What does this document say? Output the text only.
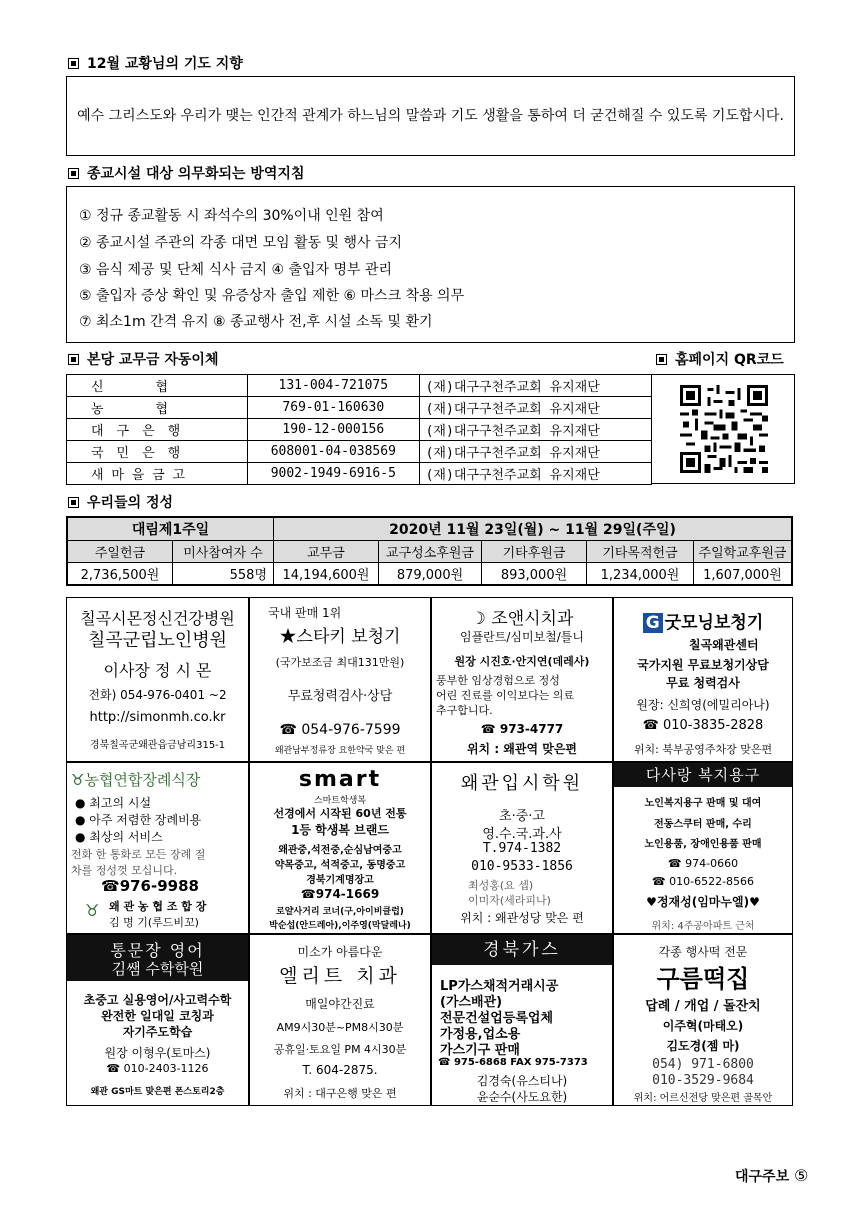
12월 교황님의 기도 지향
예수 그리스도와 우리가 맺는 인간적 관계가 하느님의 말씀과 기도 생활을 통하여 더 굳건해질 수 있도록 기도합시다.
종교시설 대상 의무화되는 방역지침
① 정규 종교활동 시 좌석수의 30%이내 인원 참여
② 종교시설 주관의 각종 대면 모임 활동 및 행사 금지
③ 음식 제공 및 단체 식사 금지 ④ 출입자 명부 관리
⑤ 출입자 증상 확인 및 유증상자 출입 제한 ⑥ 마스크 착용 의무
⑦ 최소1m 간격 유지 ⑧ 종교행사 전,후 시설 소독 및 환기
본당 교무금 자동이체	홈페이지 QR코드
신　　　　협	131-004-721075	(재)대구구천주교회 유지재단
농　　　　협	769-01-160630	(재)대구구천주교회 유지재단
대　구　은　행	190-12-000156	(재)대구구천주교회 유지재단
국　민　은　행	608001-04-038569	(재)대구구천주교회 유지재단
새 마 을 금 고	9002-1949-6916-5	(재)대구구천주교회 유지재단
우리들의 정성
대림제1주일		2020년 11월 23일(월) ~ 11월 29일(주일)				
주일헌금	미사참여자 수	교무금	교구성소후원금	기타후원금	기타목적헌금	주일학교후원금
2,736,500원	558명	14,194,600원	879,000원	893,000원	1,234,000원	1,607,000원
칠곡시몬정신건강병원
칠곡군립노인병원
이사장 정 시 몬
전화) 054-976-0401 ~2
http://simonmh.co.kr
경북칠곡군왜관읍금남리315-1
국내 판매 1위
★스타키 보청기
(국가보조금 최대131만원)
무료청력검사·상담
☎ 054-976-7599
왜관남부정류장 요한약국 맞은 편
☽ 조앤시치과
임플란트/심미보철/틀니
원장 시진호·안지연(데레사)
풍부한 임상경험으로 정성
어린 진료를 이익보다는 의료
추구합니다.
☎ 973-4777
위치 : 왜관역 맞은편
G 굿모닝보청기
칠곡왜관센터
국가지원 무료보청기상담
무료 청력검사
원장: 신희영(에밀리아나)
☎ 010-3835-2828
위치: 북부공영주차장 맞은편
♉농협연합장례식장
● 최고의 시설
● 아주 저렴한 장례비용
● 최상의 서비스
전화 한 통화로 모든 장례 절
차를 정성껏 모십니다.
☎976-9988
♉ 왜 관 농 협 조 합 장
김 명 기(루드비꼬)
smart
스마트학생복
선경에서 시작된 60년 전통
1등 학생복 브랜드
왜관중,석전중,순심남여중고
약목중고, 석적중고, 동명중고
경북기계명장고
☎974-1669
로얄사거리 코너(구,아이비클럽)
박순섭(안드레아),이주영(막달레나)
왜관입시학원
초·중·고
영.수.국.과.사
T.974-1382
010-9533-1856
최성홍(요 셉)
이미자(세라피나)
위치 : 왜관성당 맞은 편
다사랑 복지용구
노인복지용구 판매 및 대여
전동스쿠터 판매, 수리
노인용품, 장애인용품 판매
☎ 974-0660
☎ 010-6522-8566
♥정재성(임마누엘)♥
위치: 4주공아파트 근처
통문장 영어
김쌤 수학학원
초중고 실용영어/사고력수학
완전한 일대일 코칭과
자기주도학습
원장 이형우(토마스)
☎ 010-2403-1126
왜관 GS마트 맞은편 폰스토리2층
미소가 아름다운
엘리트 치과
매일야간진료
AM9시30분~PM8시30분
공휴일·토요일 PM 4시30분
T. 604-2875.
위치 : 대구은행 맞은 편
경북가스
LP가스채적거래시공
(가스배관)
전문건설업등록업체
가정용,업소용
가스기구 판매
☎ 975-6868 FAX 975-7373
김경숙(유스티나)
윤순수(사도요한)
각종 행사떡 전문
구름떡집
답례 / 개업 / 돌잔치
이주혁(마태오)
김도경(젬 마)
054) 971-6800
010-3529-9684
위치: 어르신전당 맞은편 골목안
대구주보 ⑤
